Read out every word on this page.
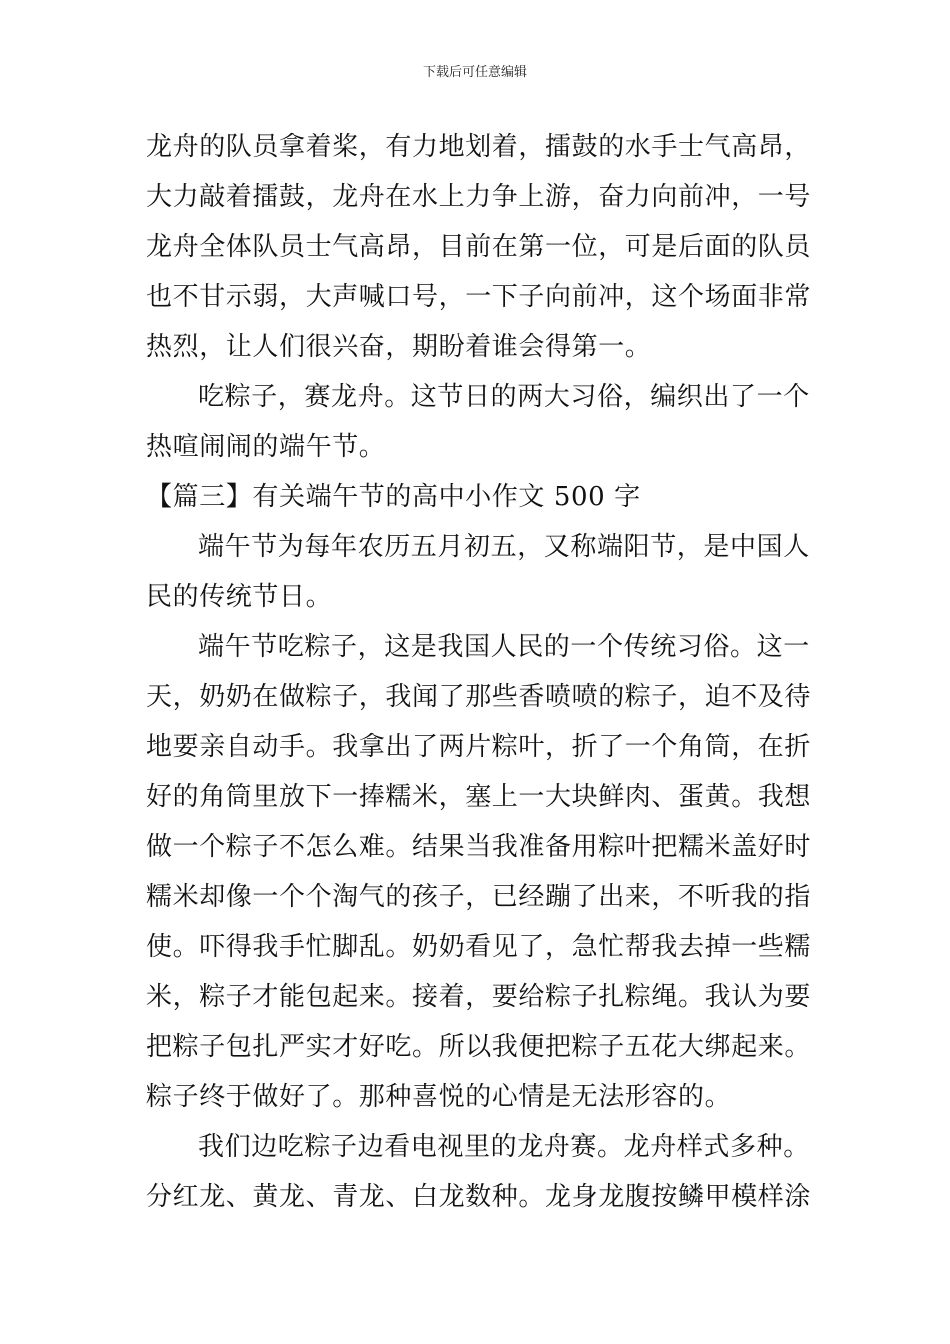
下载后可任意编辑
龙舟的队员拿着桨，有力地划着，擂鼓的水手士气高昂，
大力敲着擂鼓，龙舟在水上力争上游，奋力向前冲，一号
龙舟全体队员士气高昂，目前在第一位，可是后面的队员
也不甘示弱，大声喊口号，一下子向前冲，这个场面非常
热烈，让人们很兴奋，期盼着谁会得第一。
吃粽子，赛龙舟。这节日的两大习俗，编织出了一个
热喧闹闹的端午节。
【篇三】有关端午节的高中小作文 500 字
端午节为每年农历五月初五，又称端阳节，是中国人
民的传统节日。
端午节吃粽子，这是我国人民的一个传统习俗。这一
天，奶奶在做粽子，我闻了那些香喷喷的粽子，迫不及待
地要亲自动手。我拿出了两片粽叶，折了一个角筒，在折
好的角筒里放下一捧糯米，塞上一大块鲜肉、蛋黄。我想
做一个粽子不怎么难。结果当我准备用粽叶把糯米盖好时
糯米却像一个个淘气的孩子，已经蹦了出来，不听我的指
使。吓得我手忙脚乱。奶奶看见了，急忙帮我去掉一些糯
米，粽子才能包起来。接着，要给粽子扎粽绳。我认为要
把粽子包扎严实才好吃。所以我便把粽子五花大绑起来。
粽子终于做好了。那种喜悦的心情是无法形容的。
我们边吃粽子边看电视里的龙舟赛。龙舟样式多种。
分红龙、黄龙、青龙、白龙数种。龙身龙腹按鳞甲模样涂
